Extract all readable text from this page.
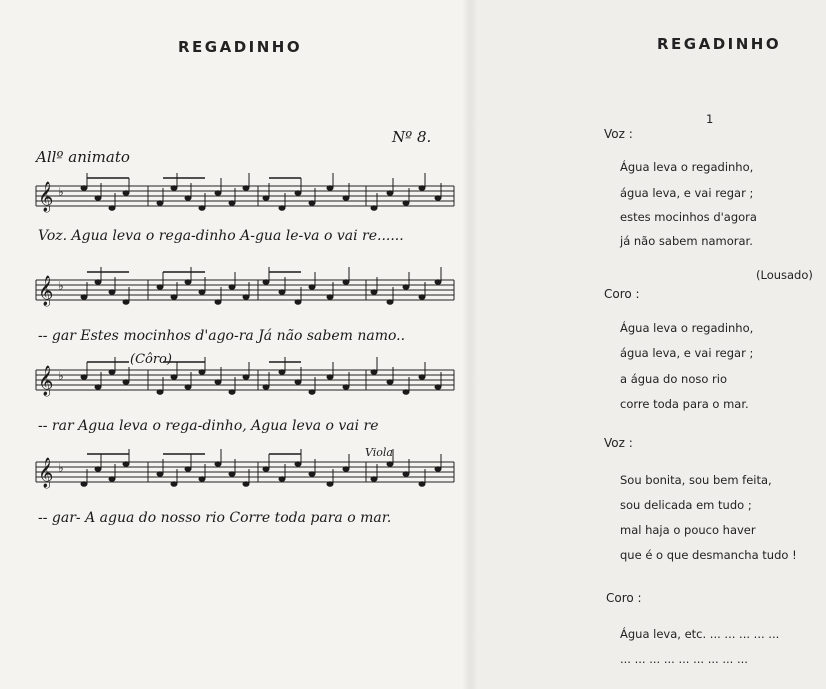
REGADINHO
Allº animato
Nº 8.
𝄞 ♭
𝄞 ♭
𝄞 ♭
𝄞 ♭
Voz. Agua leva o rega-dinho A-gua le-va o vai re......
-- gar Estes mocinhos d'ago-ra Já não sabem namo..
(Côro)
-- rar Agua leva o rega-dinho, Agua leva o vai re
Viola
-- gar- A agua do nosso rio Corre toda para o mar.
REGADINHO
1
Voz :
Água leva o regadinho,
água leva, e vai regar ;
estes mocinhos d'agora
já não sabem namorar.
(Lousado)
Coro :
Água leva o regadinho,
água leva, e vai regar ;
a água do noso rio
corre toda para o mar.
Voz :
Sou bonita, sou bem feita,
sou delicada em tudo ;
mal haja o pouco haver
que é o que desmancha tudo !
Coro :
Água leva, etc. ... ... ... ... ...
... ... ... ... ... ... ... ... ...
